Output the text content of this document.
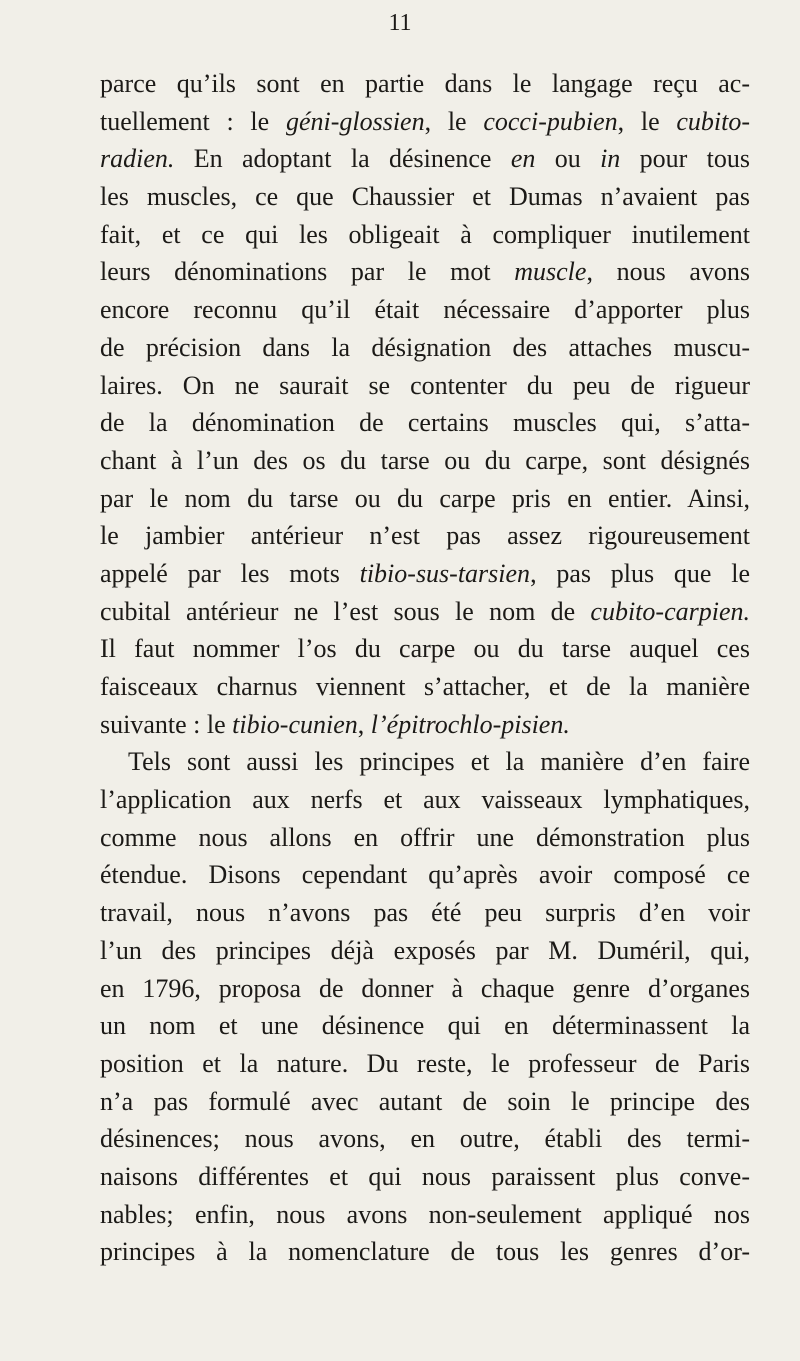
11
parce qu’ils sont en partie dans le langage reçu ac-
tuellement : le géni-glossien, le cocci-pubien, le cubito-
radien. En adoptant la désinence en ou in pour tous
les muscles, ce que Chaussier et Dumas n’avaient pas
fait, et ce qui les obligeait à compliquer inutilement
leurs dénominations par le mot muscle, nous avons
encore reconnu qu’il était nécessaire d’apporter plus
de précision dans la désignation des attaches muscu-
laires. On ne saurait se contenter du peu de rigueur
de la dénomination de certains muscles qui, s’atta-
chant à l’un des os du tarse ou du carpe, sont désignés
par le nom du tarse ou du carpe pris en entier. Ainsi,
le jambier antérieur n’est pas assez rigoureusement
appelé par les mots tibio-sus-tarsien, pas plus que le
cubital antérieur ne l’est sous le nom de cubito-carpien.
Il faut nommer l’os du carpe ou du tarse auquel ces
faisceaux charnus viennent s’attacher, et de la manière
suivante : le tibio-cunien, l’épitrochlo-pisien.
Tels sont aussi les principes et la manière d’en faire
l’application aux nerfs et aux vaisseaux lymphatiques,
comme nous allons en offrir une démonstration plus
étendue. Disons cependant qu’après avoir composé ce
travail, nous n’avons pas été peu surpris d’en voir
l’un des principes déjà exposés par M. Duméril, qui,
en 1796, proposa de donner à chaque genre d’organes
un nom et une désinence qui en déterminassent la
position et la nature. Du reste, le professeur de Paris
n’a pas formulé avec autant de soin le principe des
désinences; nous avons, en outre, établi des termi-
naisons différentes et qui nous paraissent plus conve-
nables; enfin, nous avons non-seulement appliqué nos
principes à la nomenclature de tous les genres d’or-
